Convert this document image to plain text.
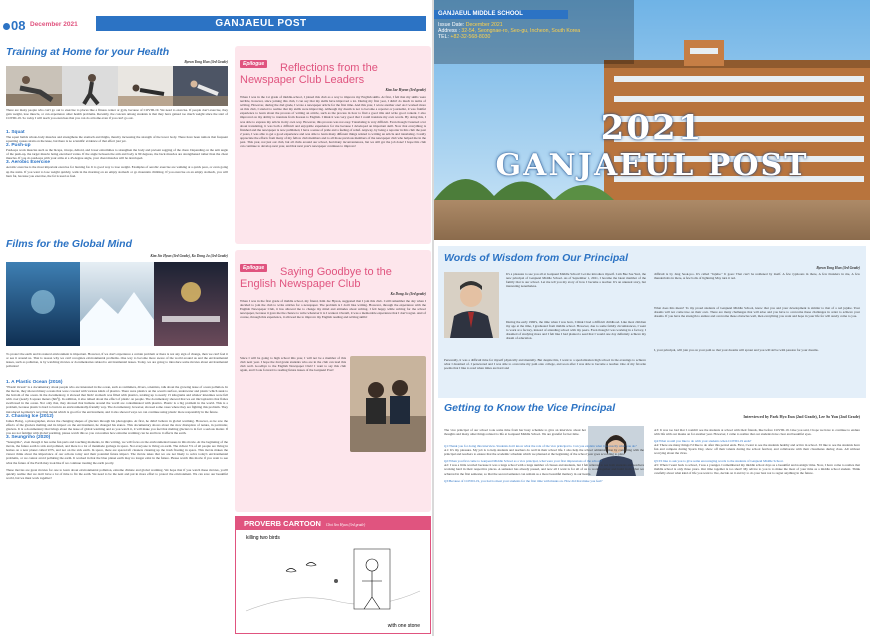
08 December 2021	GANJAEUL POST
Training at Home for your Health
Byeon Yong Hun (3rd Grade)
There are many people who can't go out to exercise to places like a fitness center or gym, because of COVID-19. We need to exercise. If people don't exercise, they gain weight, lose muscle, or can experience other health problems. Recently, the concern among students is that they have gained too much weight since the start of COVID-19. So today I will teach you exercises that you can do at home even if you can't go out.
1. Squat
The squat builds whole-body muscles and strengthens the stomach and thighs, thereby increasing the strength of the lower body. There have been rumors that frequent squatting causes strain on the knee, but there is no scientific evidence of that effect just yet.
2. Push-up
Push-ups work muscles such as the biceps, triceps, deltoid, and lower extremities to strengthen the body and prevent sagging of the chest. Depending on the arm angle of the push-up, the target muscle being exercised varies. If the angle between the arm and body is 90 degrees, the back muscles are strengthened rather than the chest muscles. If you do push-ups with your arms at a 45-degree angle, your chest muscles will be developed.
3. Aerobic Exercise
Aerobic exercise is the most important exercise for burning fat. It is good way to lose weight. Examples of aerobic exercise are walking at a quick pace, or even going up the stairs. If you want to lose weight quickly, walk in the morning on an empty stomach or go mountain climbing. If you exercise on an empty stomach, you will burn fat, because you exercise, the fat is used as fuel.
Films for the Global Mind
Kim Jin Hyun (3rd Grade), Ko Dong Ju (3rd Grade)
To protect the earth and its natural environment is important. However, if we don't experience a certain problem or there is not any sign of change, then we can't feel it or see it around us. That is reason why we can't recognize environmental problems. One way to become more aware of the world around us and the environmental issues, such as pollution, is by watching movies or documentaries related to environmental issues. Today, we are going to introduce some movies about environmental pollution!
1. A Plastic Ocean (2016)
"Plastic Ocean" is a documentary about people who are interested in the ocean, such as swimmers, divers, scientists, talk about the growing issue of ocean pollution. In the movie, they showed many oceans that were covered with various kinds of plastics. There were plastics on the ocean's surface, underwater and plastic which sunk to the bottom of the ocean. In the documentary, it showed that birds' stomach was filled with plastics, totaling up to nearly 15 kilograms and whales' intestines were full with over (nearly 6 square meters (6m²)). In addition, it also talked about the effect of plastic on people. The documentary showed that we eat microplastics that fishes swallowed in the ocean. Not only that, they showed that humans around the world are contaminated with plastics. Plastic is a big problem in the world. This is a problem, because plastic is hard to burn in an environmentally-friendly way. The documentary, however, showed some cases where they are fighting this problem. They introduced Germany's recycling model which is good for the environment, and it also showed ways we can continue using plastic more responsibly in the future.
2. Chasing Ice (2012)
James Balog, a photographer, shows the changing shapes of glaciers through his photographs. At first, he didn't believe in global warming. However, as he saw the effects of the glaciers melting and its impact on the environment, he changed his stance. This documentary shows about the slow disruption of nature, in particular, glaciers. It is a documentary that brings about the issue of global warming and as you watch it, it will make you feel that melting glaciers is in fact a serious matter. If you are not familiar with global warming, please watch this so you can realize how extreme warming can be and how it affects the earth.
3. Seungriho (2020)
"Seungriho", even though it has some fun parts and touching moments, in this writing, we will focus on the environmental issues in this movie. At the beginning of the movie, the future earth is sick and polluted, and there is a lot of manmade garbage in space. Not everyone is living on earth. The richest 5% of all people are living in homes on a new planet called UTS, and not on the sick earth. In space, there are spacecraft cleaners cleaning up the trash floating in space. This movie makes the viewer think about the importance of our actions today and their potential future impact. The movie takes that we are not likely to solve today's environmental problems, or we cannot avoid polluting the earth. It worked in that the blue planet earth may no longer exist in the future. Please watch this movie if you want to see what the future of the Earth may look like if we continue treating the earth poorly.
These movies are great movies for one to learn about environmental pollution, extreme climate and global warming. We hope that if you watch these movies, you'll quickly realize that we don't have a lot of time to fix the earth. We need to be the next and put in more effort to protect the environment. We can save our beautiful world, but we must work together!
Epilogue Reflections from the
Newspaper Club Leaders
Kim Jae Hyeon (3rd grade)
When I was in the 1st grade of middle-school, I joined this club as a way to improve my English skills. At first, I felt that my skills were terrible, however, since joining this club, I can say that my skills have improved a lot. During my first year, I didn't do much in terms of writing. However, during the 2nd grade, I wrote a newspaper article for the first time. And this year, I wrote another one! As I worked more on this club, I started to realize that my skills were improving. Although my dream is not to become a reporter or journalist, it was fruitful experience to learn about the process of writing an article, such as the process in how to find a good title and write good content. I also improved on my ability to translate from Korean to English. I think it was very good that I could translate my own words. By doing this, I was able to express my article in my own way. However, this process was not easy. Translating is very difficult. Even though I learned a lot about translating, it was both a difficult and enjoyable experience for me because I developed an important skill. Now that everything is finished and the newspaper is now published, I have a sense of pride and a feeling of relief. Anyway, by being a reporter in this club the past 2 years, I was able to get a good experience and was able to learn many different things related to writing an article and translating. I really appreciate the efforts from many of my fellow club members and to all those previous members of the newspaper club who helped me in the past. This year, not just our club, but all clubs around our school, had many inconveniences, but we still got the job done! I hope this club can continue to develop next year, and that next year's newspaper continues to improve!
Epilogue Saying Goodbye to the
English Newspaper Club
Ko Dong Ju (3rd grade)
When I was in the first grade of middle school, my friend, Kim Jae Hyeon, suggested that I join this club. I still remember the day when I decided to join the club to write articles for a newspaper. The problem is I don't like writing. However, through the experience with the English Newspaper Club, it has allowed me to change my mind and attitudes about writing. I felt happy while writing for the school newspaper, because it gave me the chance to write whatever it is I wanted. Overall, it was a memorable experience that I don't regret. And of course, through this experience, it allowed me to improve my English reading and writing skills!
Since I will be going to high school this year, I will not be a member of this club next year. I hope the 2nd grade students who are in the club can lead this club well. Goodbye to the English Newspaper Club! I want to say this club again, and I look forward to reading future issues of the Ganjaeul Post!
PROVERB CARTOON Choi Seo Hyun (3rd grade)
killing two birds
with one stone
GANJAEUL MIDDLE SCHOOL
Issue Date: December 2021
Address : 32-54, Seongnae-ro, Seo-gu, Incheon, South Korea
TEL: +82-32-568-8030
2021
GANJAEUL POST
Words of Wisdom from Our Principal
Byeon Yong Hun (3rd Grade)
It's a pleasure to see you all at Ganjaeul Middle School! Let me introduce myself. I am Bae Sae Yeol, the new principal of Ganjaeul Middle School. As of September 1, 2021, I became the latest member of the family that is our school. Let me tell you my story of how I became a teacher. It's an unusual story, but interesting nonetheless.
During the early 1960's, the time when I was born, I think I had a difficult childhood. Like most children my age at the time, I graduated from middle school. However, due to some family circumstances, I went to work at a factory, instead of attending school with my peers. Even though I was working in a factory, I dreamed of studying more and I felt like I had planted a seed that I would one day definitely achieve my dream of education.
Personally, it was a difficult time for myself physically and mentally. But despite this, I went to a specialization high school in the evenings to achieve what I dreamed of. I persevered and I was able to overcome my path onto college, and soon after I was able to become a teacher. One of my favorite poems that I like to read when times are hard and
difficult is by Jang Seok-joo. It's called "Jujube." It goes: That can't be reddened by itself. A few typhoons in there, A few thunders in me, A few thunderbolts in there, A few bolts of lightning May turn it red.
What does this mean? To my proud students of Ganjaeul Middle School, know that you and your development is similar to that of a red jujube. Your dreams will not come true on their own. There are many challenges that will arise and you have to overcome these challenges in order to achieve your dreams. If you have the strength to endure and overcome these obstacles well, then everything you want and hope in your life for will surely come to you.
I, your principal, will join you on your path so that your dreams will sprout and you will strive with passion for your dreams.
Getting to Know the Vice Principal
Interviewed by Park Hyo Eun (2nd Grade), Lee So Yun (2nd Grade)
The vice principal of our school took some time from her busy schedule to give an interview about her thoughts and many other things related to life at Ganjaeul Middle School. We are grateful for her time.
Q1:Thank you for doing this interview. Students don't know what the role of the vice principal is. Can you explain what it is exactly what you do?
A1: It's my pleasure. My job is to help students and teachers do well in their school life. I also help the school administration by consulting with the principal and teachers to ensure that the academic schedule which we planned at the beginning of the school year goes according to plan.
Q2:When you first came to Ganjaeul Middle School as a vice principal, what were your first impressions of the school?
A2: I was a little worried because it was a large school with a large number of classes and students, but I felt relieved to see both students and teachers working hard in their respective places. A semester has already passed, and now all I want is for all of us to work together and build from what we achieved in the first semester, so that the second semester can remain as a more beautiful memory in our hearts.
Q3:Because of COVID-19, you had to meet your students for the first time with masks on. How did that make you feel?
A3: It was too bad that I couldn't see the students at school with their friends, like before COVID-19. Like you said, I hope we have to continue to endure with life with our masks on for another year. However, I came to realize that our students have clear and beautiful eyes.
Q4:What would you like to do with your students when COVID-19 ends?
A4: There are many things I'd like to do after this period ends. First, I want to see the students healthy and active in school. I'd like to see the students have fun and compete during Sports Day, show off their talents during the school festival, and collaborate with their classmates during class. All without worrying about the virus.
Q5:I'd like to ask you to give some encouraging words to the students of Ganjaeul Middle School.
A5: When I went back to school, I was a younger. I remembered my middle school days as a beautiful and nostalgic time. Now, I have come to realize that middle school is only three years. Our time together is too short! My advice to you is to make the most of your time as a middle school student. Think carefully about what kind of life you want to live, decide on it and try to do your best not to regret anything in the future.
